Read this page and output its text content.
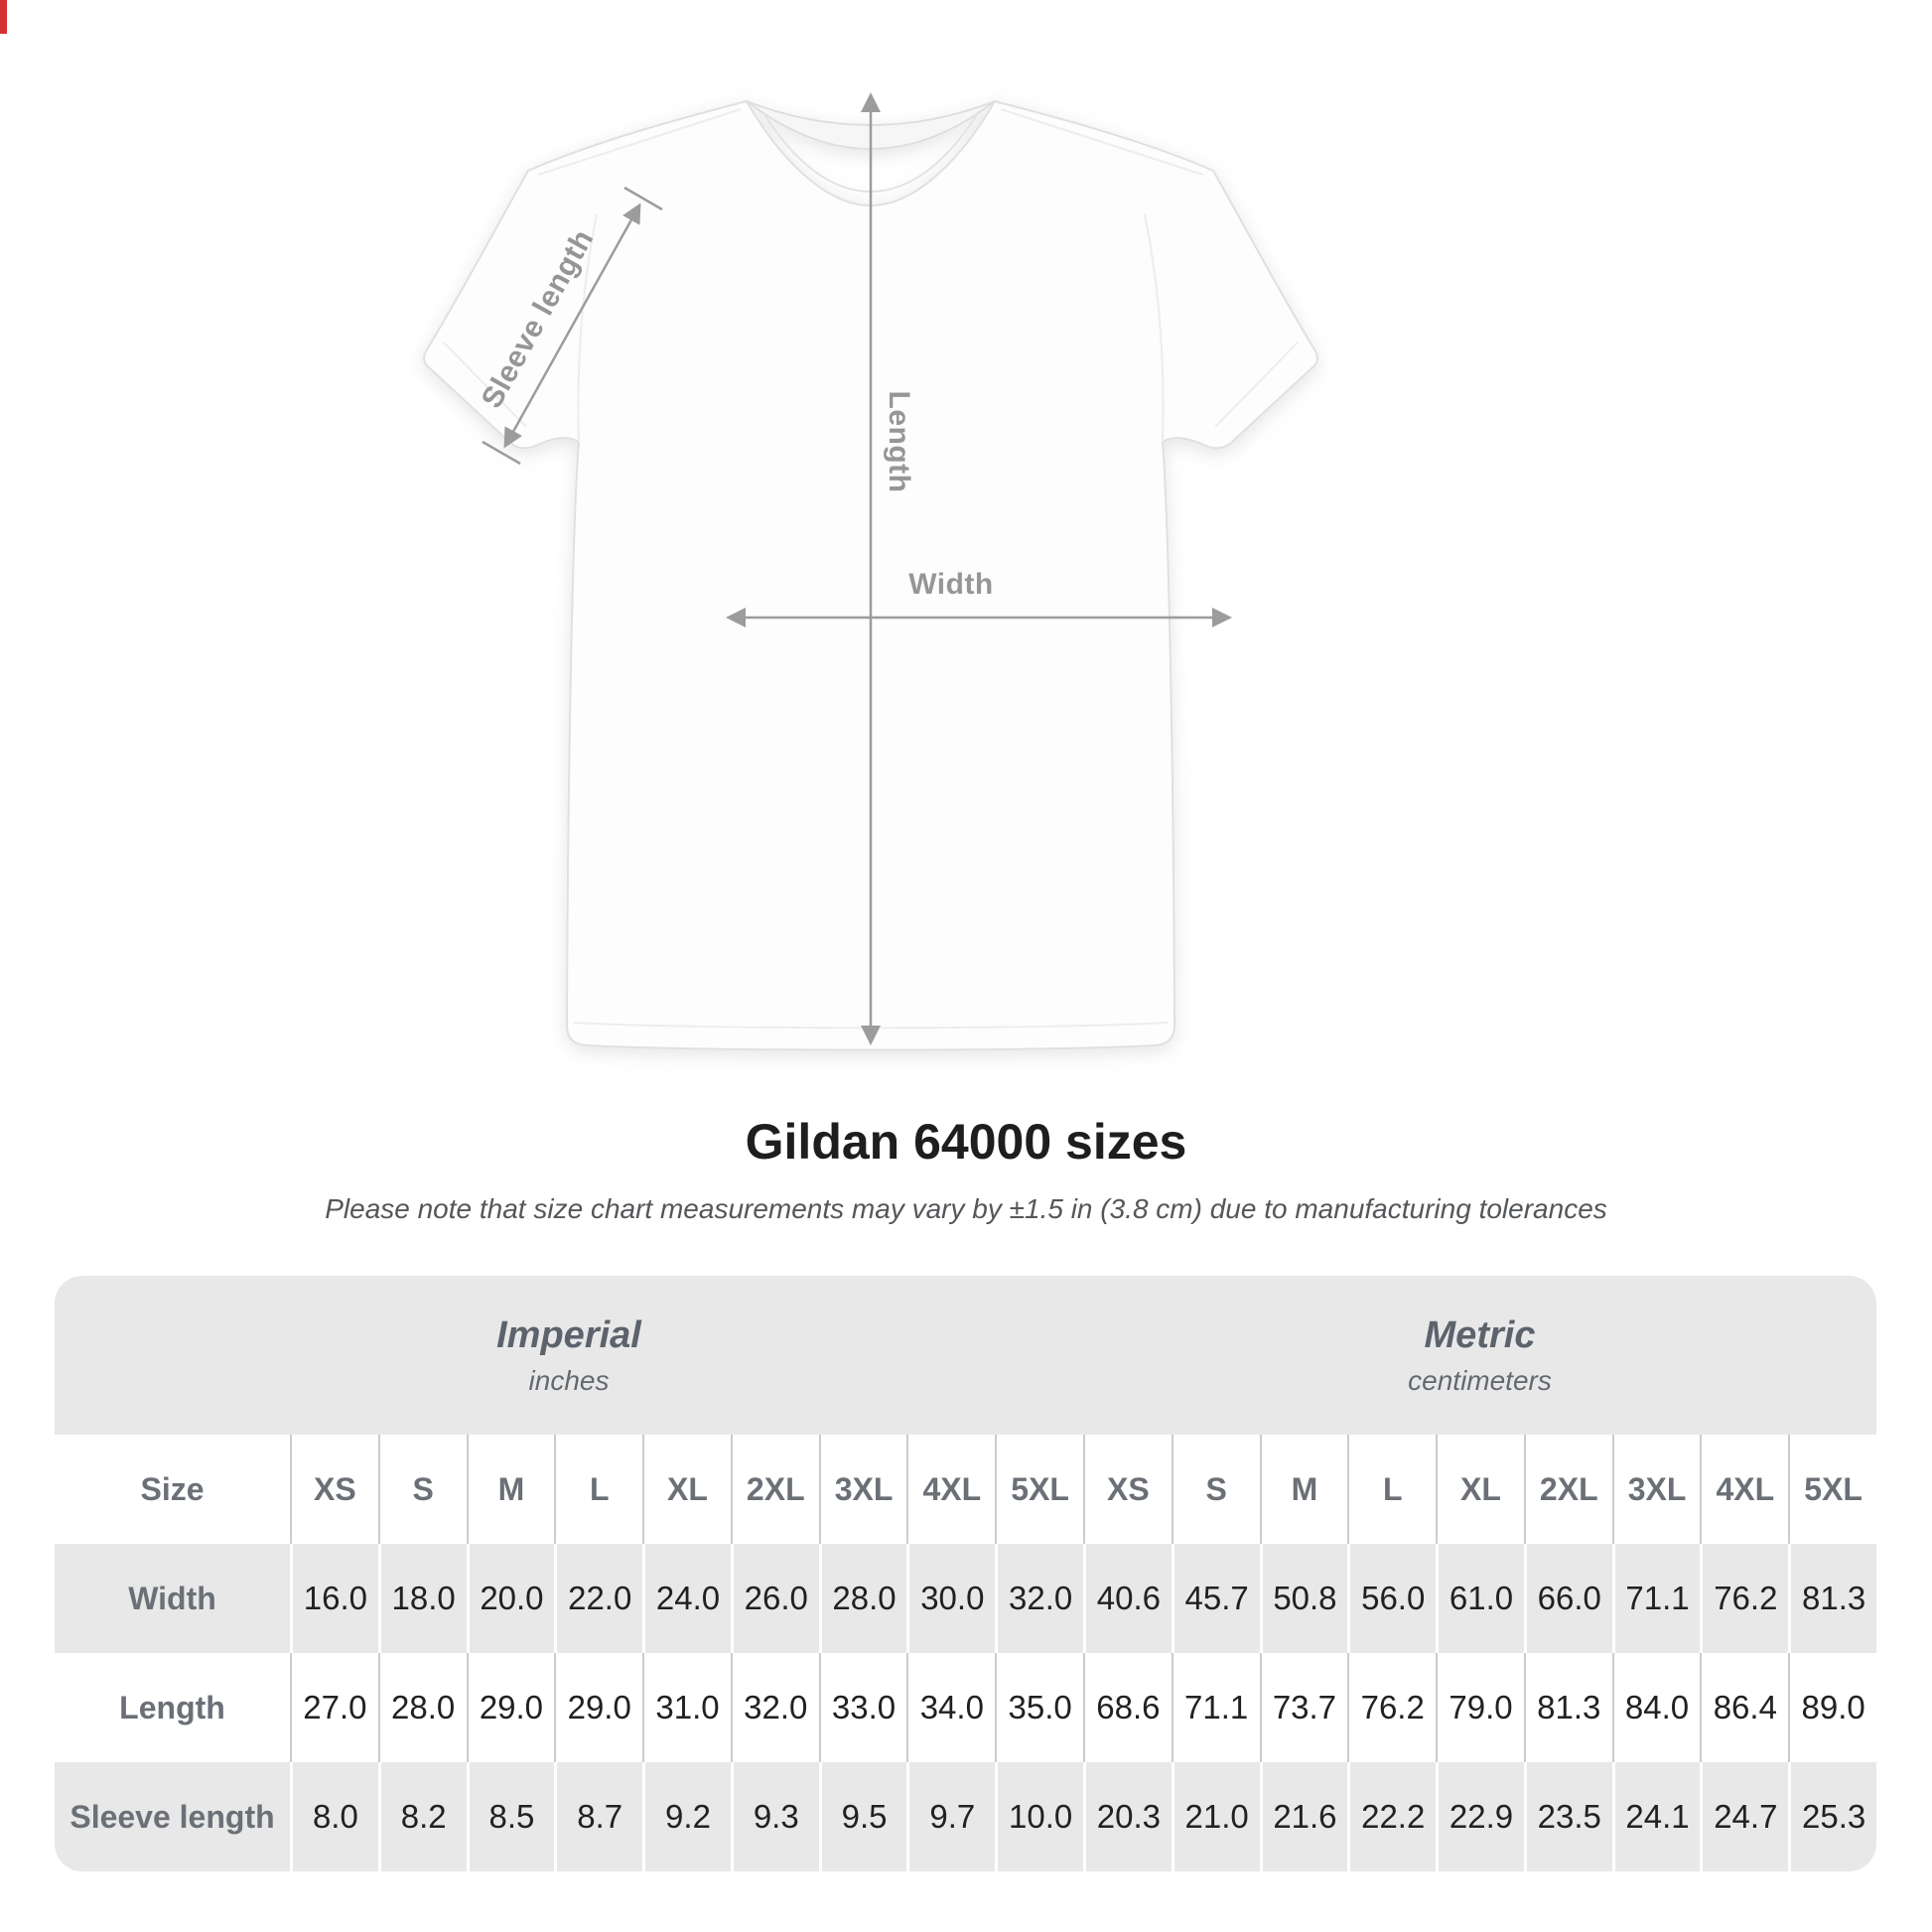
Sleeve length
Length
Width
Gildan 64000 sizes
Please note that size chart measurements may vary by ±1.5 in (3.8 cm) due to manufacturing tolerances
Imperial
inches
Metric
centimeters
Size	XS	S	M	L	XL	2XL 3XL 4XL 5XL	XS	S	M	L	XL	2XL 3XL 4XL 5XL
Width	16.0 18.0 20.0 22.0 24.0 26.0 28.0 30.0 32.0 40.6 45.7 50.8 56.0 61.0 66.0 71.1 76.2 81.3
Length	27.0 28.0 29.0 29.0 31.0 32.0 33.0 34.0 35.0 68.6 71.1 73.7 76.2 79.0 81.3 84.0 86.4 89.0
Sleeve length	8.0	8.2	8.5	8.7	9.2	9.3	9.5	9.7	10.0 20.3 21.0 21.6 22.2 22.9 23.5 24.1 24.7 25.3
